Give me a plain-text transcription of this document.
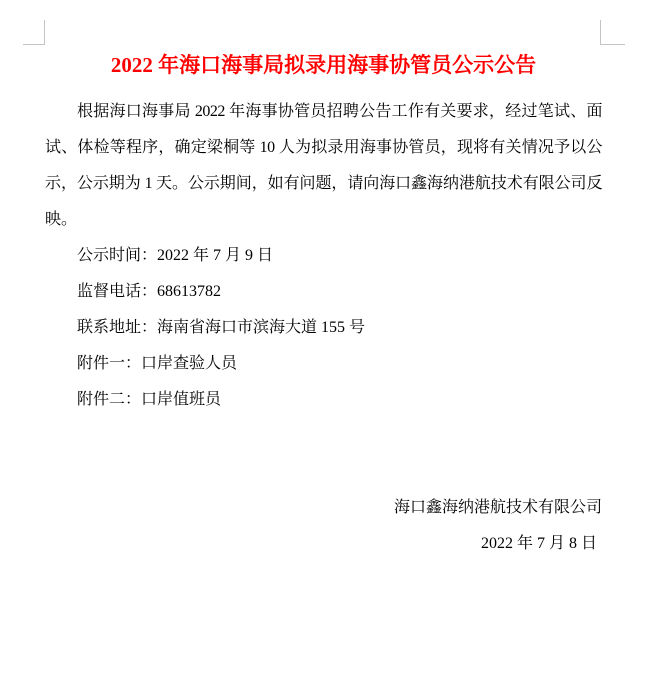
2022 年海口海事局拟录用海事协管员公示公告
根据海口海事局 2022 年海事协管员招聘公告工作有关要求，经过笔试、面
试、体检等程序，确定梁桐等 10 人为拟录用海事协管员，现将有关情况予以公
示，公示期为 1 天。公示期间，如有问题，请向海口鑫海纳港航技术有限公司反
映。
公示时间：2022 年 7 月 9 日
监督电话：68613782
联系地址：海南省海口市滨海大道 155 号
附件一：口岸查验人员
附件二：口岸值班员
海口鑫海纳港航技术有限公司
2022 年 7 月 8 日
